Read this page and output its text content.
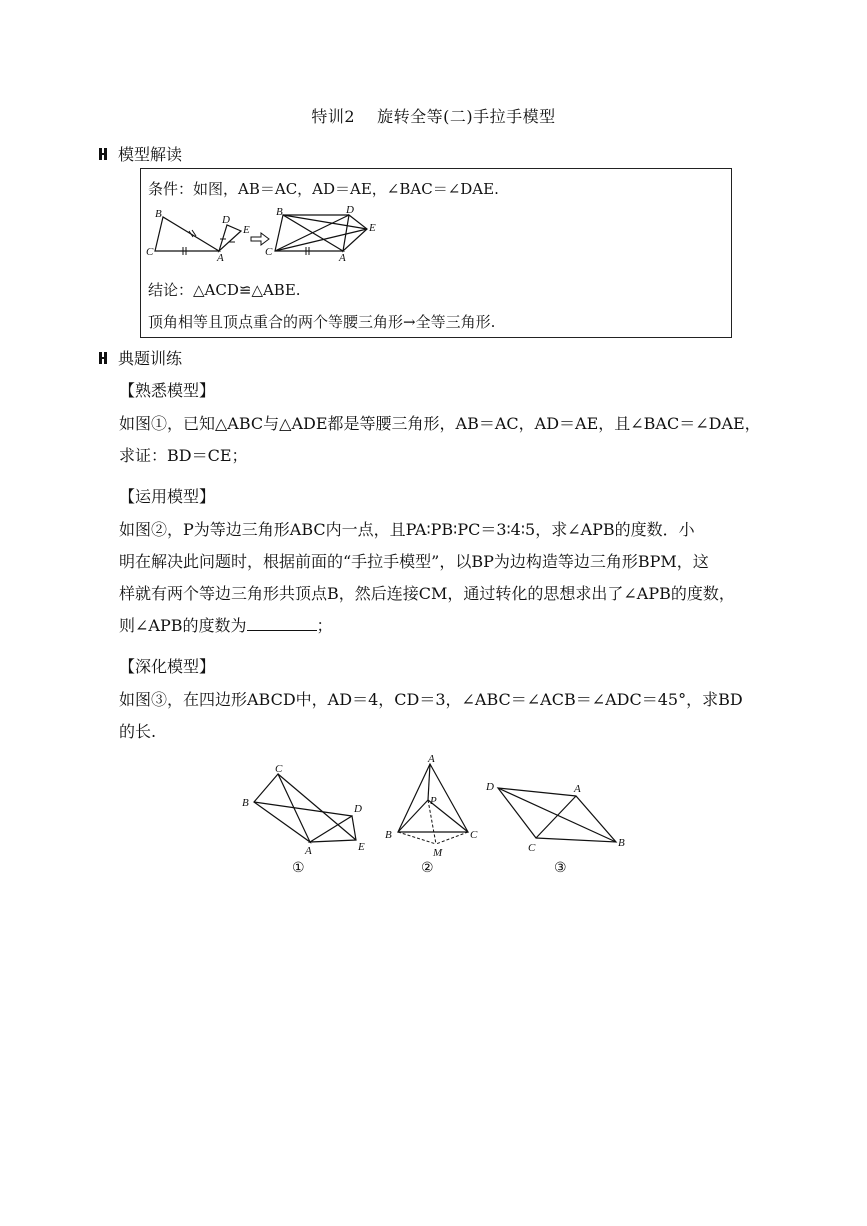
特训2　 旋转全等(二)手拉手模型
模型解读
条件：如图，AB＝AC，AD＝AE，∠BAC＝∠DAE.
B
C	A
D
E
B
C	A
D
E
结论：△ACD≌△ABE.
顶角相等且顶点重合的两个等腰三角形→全等三角形.
典题训练
【熟悉模型】
如图①，已知△ABC与△ADE都是等腰三角形，AB＝AC，AD＝AE，且∠BAC＝∠DAE，
求证：BD＝CE；
【运用模型】
如图②，P为等边三角形ABC内一点，且PA∶PB∶PC＝3∶4∶5，求∠APB的度数．小
明在解决此问题时，根据前面的“手拉手模型”，以BP为边构造等边三角形BPM，这
样就有两个等边三角形共顶点B，然后连接CM，通过转化的思想求出了∠APB的度数，
则∠APB的度数为	；
【深化模型】
如图③，在四边形ABCD中，AD＝4，CD＝3，∠ABC＝∠ACB＝∠ADC＝45°，求BD
的长.
C
B	D
A	E
①
A
P
B	C
M
②
D	A
B
C
③
